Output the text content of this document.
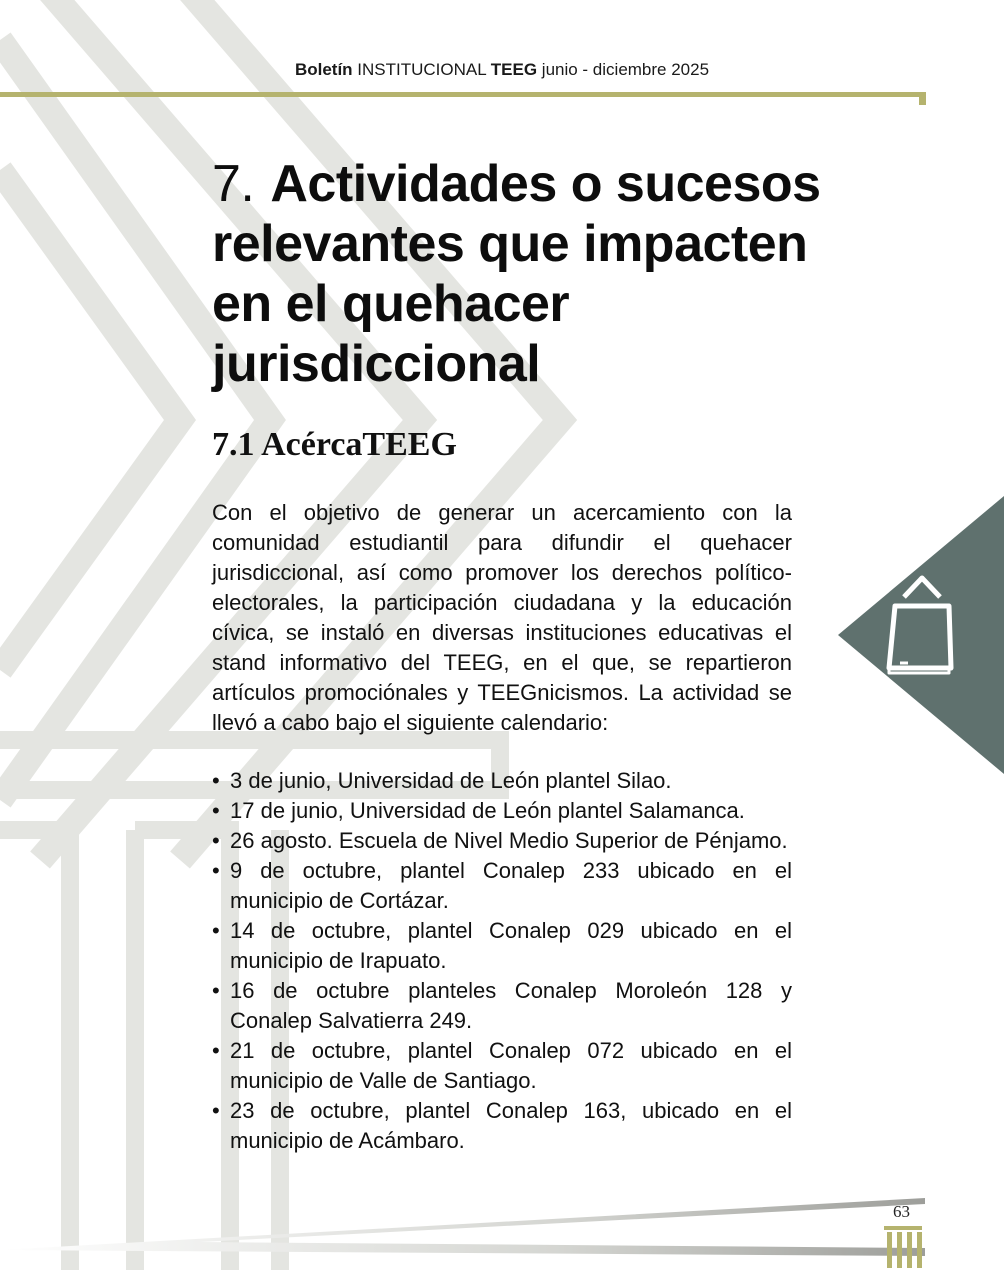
Boletín INSTITUCIONAL TEEG junio - diciembre 2025
7. Actividades o sucesos relevantes que impacten en el quehacer jurisdiccional
7.1 AcércaTEEG

Con el objetivo de generar un acercamiento con la comunidad estudiantil para difundir el quehacer jurisdiccional, así como promover los derechos político-electorales, la participación ciudadana y la educación cívica, se instaló en diversas instituciones educativas el stand informativo del TEEG, en el que, se repartieron artículos promociónales y TEEGnicismos. La actividad se llevó a cabo bajo el siguiente calendario:

• 3 de junio, Universidad de León plantel Silao.
• 17 de junio, Universidad de León plantel Salamanca.
• 26 agosto. Escuela de Nivel Medio Superior de Pénjamo.
• 9 de octubre, plantel Conalep 233 ubicado en el municipio de Cortázar.
• 14 de octubre, plantel Conalep 029 ubicado en el municipio de Irapuato.
• 16 de octubre planteles Conalep Moroleón 128 y Conalep Salvatierra 249.
• 21 de octubre, plantel Conalep 072 ubicado en el municipio de Valle de Santiago.
• 23 de octubre, plantel Conalep 163, ubicado en el municipio de Acámbaro.
63
